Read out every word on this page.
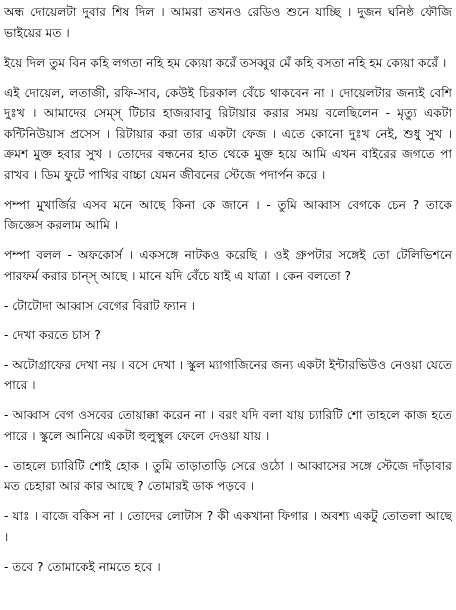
অন্ধ দোয়েলটা দুবার শিষ দিল । আমরা তখনও রেডিও শুনে যাচ্ছি । দুজন ঘনিষ্ঠ ফৌজি ভাইয়ের মত ।

ইয়ে দিল তুম বিন কহি লগতা নহি হম ক্যেয়া করেঁ তসব্বুর মেঁ কহি বসতা নহি হম ক্যেয়া করেঁ ।

এই দোয়েল, লতাজী, রফি-সাব, কেউই চিরকাল বেঁচে থাকবেন না । দোয়েলটার জন্যই বেশি দুঃখ । আমাদের সেম্স্ টিচার হাজরাবাবু রিটায়ার করার সময় বলেছিলেন - মৃত্যু একটা কন্টিনিউয়াস প্রসেস । রিটায়ার করা তার একটা ফেজ । এতে কোনো দুঃখ নেই, শুধু সুখ । ক্রমশ মুক্ত হবার সুখ । তোদের বন্ধনের হাত থেকে মুক্ত হয়ে আমি এখন বাইরের জগতে পা রাখব । ডিম ফুটে পাখির বাচ্চা যেমন জীবনের স্টেজে পদার্পন করে ।

পম্পা মুখার্জির এসব মনে আছে কিনা কে জানে । - তুমি আব্বাস বেগকে চেন ? তাকে জিজ্ঞেস করলাম আমি ।

পম্পা বলল - অফকোর্স । একসঙ্গে নাটকও করেছি । ওই গ্রুপটার সঙ্গেই তো টেলিভিশনে পারফর্ম করার চান্স্ আছে । মানে যদি বেঁচে যাই এ যাত্রা । কেন বলতো ?

- টোটোদা আব্বাস বেগের বিরাট ফ্যান ।

- দেখা করতে চাস ?

- অটোগ্রাফের দেখা নয় । বসে দেখা । স্কুল ম্যাগাজিনের জন্য একটা ইন্টারভিউও নেওয়া যেতে পারে ।

- আব্বাস বেগ ওসবের তোয়াক্কা করেন না । বরং যদি বলা যায় চ্যারিটি শো তাহলে কাজ হতে পারে । স্কুলে আনিয়ে একটা হুলুস্থুল ফেলে দেওয়া যায় ।

- তাহলে চ্যারিটি শোই হোক । তুমি তাড়াতাড়ি সেরে ওঠো । আব্বাসের সঙ্গে স্টেজে দাঁড়াবার মত চেহারা আর কার আছে ? তোমারই ডাক পড়বে ।

- যাঃ । বাজে বকিস না । তোদের লোটাস ? কী একখানা ফিগার । অবশ্য একটু তোতলা আছে ।

- তবে ? তোমাকেই নামতে হবে ।
